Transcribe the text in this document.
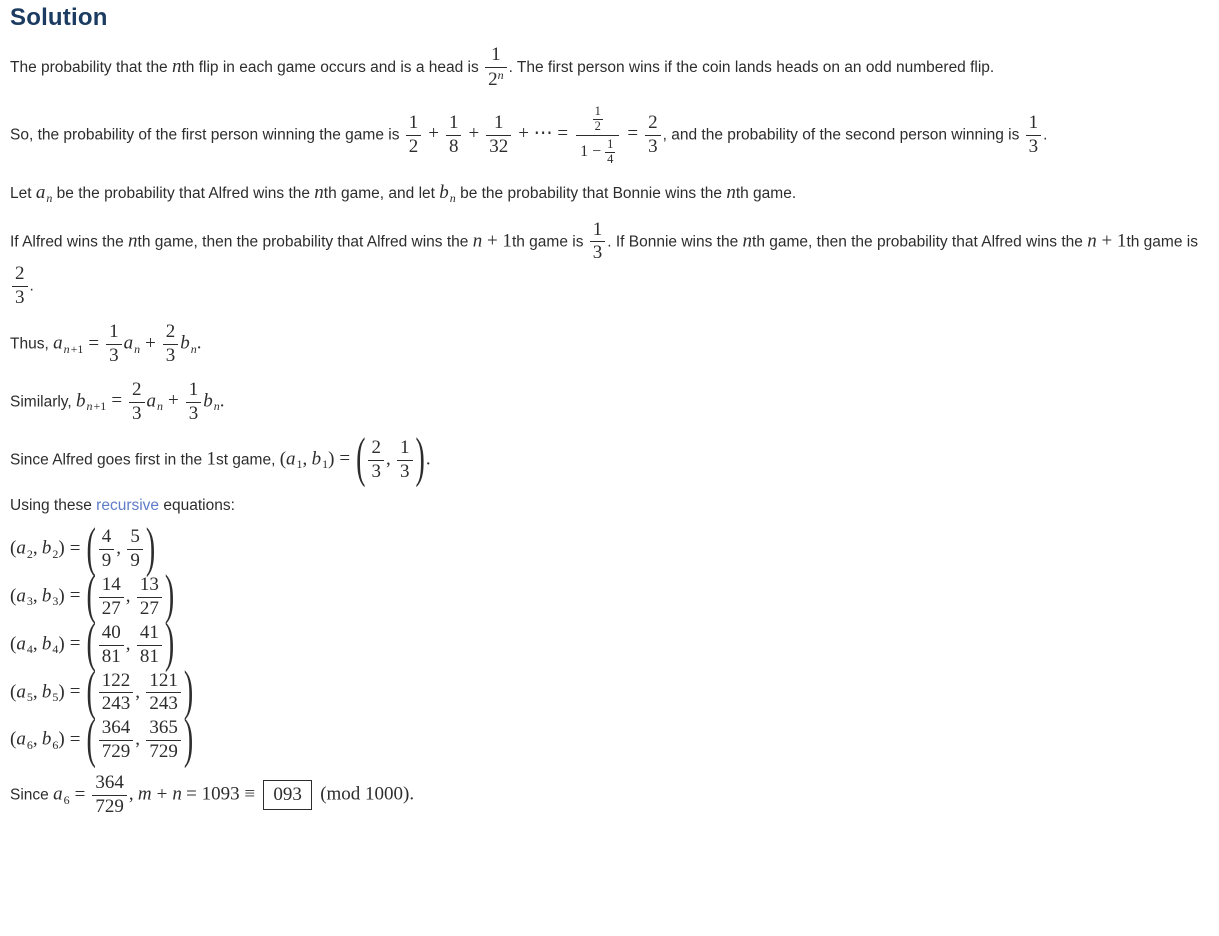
Solution

The probability that the nth flip in each game occurs and is a head is $\frac{1}{2^n}$ . The first person wins if the coin lands heads on an odd numbered flip.

So, the probability of the first person winning the game is $\frac{1}{2} + \frac{1}{8} + \frac{1}{32}$ + ⋯ = $\frac{\frac{1}{2}}{1 - \frac{1}{4}} = \frac{2}{3}$ , and the probability of the second person winning is $\frac{1}{3}$ .

Let $a_n$ be the probability that Alfred wins the nth game, and let $b_n$ be the probability that Bonnie wins the nth game.

If Alfred wins the nth game, then the probability that Alfred wins the n + 1th game is $\frac{1}{3}$ . If Bonnie wins the nth game, then the probability that Alfred wins the n + 1th game is
$\frac{2}{3}$ .

Thus, $a_{n+1} = \frac{1}{3} a_n + \frac{2}{3} b_n$.

Similarly, $b_{n+1} = \frac{2}{3} a_n + \frac{1}{3} b_n$.

Since Alfred goes first in the 1st game, ($a_1$, $b_1$) = ( $\frac{2}{3}$ , $\frac{1}{3}$ ).

Using these recursive equations:

($a_2$, $b_2$) = ( $\frac{4}{9}$ , $\frac{5}{9}$ )

($a_3$, $b_3$) = ( $\frac{14}{27}$ , $\frac{13}{27}$ )

($a_4$, $b_4$) = ( $\frac{40}{81}$ , $\frac{41}{81}$ )

($a_5$, $b_5$) = ( $\frac{122}{243}$ , $\frac{121}{243}$ )

($a_6$, $b_6$) = ( $\frac{364}{729}$ , $\frac{365}{729}$ )

Since $a_6 = \frac{364}{729}$ , m + n = 1093 ≡ 093 (mod 1000).
